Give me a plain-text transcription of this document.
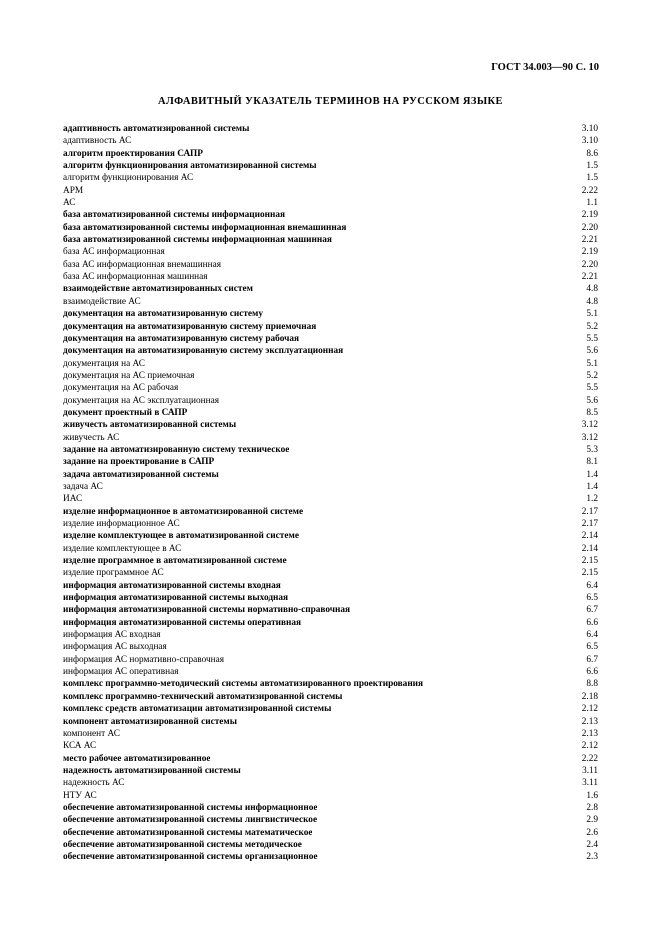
ГОСТ 34.003—90 С. 10
АЛФАВИТНЫЙ УКАЗАТЕЛЬ ТЕРМИНОВ НА РУССКОМ ЯЗЫКЕ
адаптивность автоматизированной системы	3.10
адаптивность АС	3.10
алгоритм проектирования САПР	8.6
алгоритм функционирования автоматизированной системы	1.5
алгоритм функционирования АС	1.5
АРМ	2.22
АС	1.1
база автоматизированной системы информационная	2.19
база автоматизированной системы информационная внемашинная	2.20
база автоматизированной системы информационная машинная	2.21
база АС информационная	2.19
база АС информационная внемашинная	2.20
база АС информационная машинная	2.21
взаимодействие автоматизированных систем	4.8
взаимодействие АС	4.8
документация на автоматизированную систему	5.1
документация на автоматизированную систему приемочная	5.2
документация на автоматизированную систему рабочая	5.5
документация на автоматизированную систему эксплуатационная	5.6
документация на АС	5.1
документация на АС приемочная	5.2
документация на АС рабочая	5.5
документация на АС эксплуатационная	5.6
документ проектный в САПР	8.5
живучесть автоматизированной системы	3.12
живучесть АС	3.12
задание на автоматизированную систему техническое	5.3
задание на проектирование в САПР	8.1
задача автоматизированной системы	1.4
задача АС	1.4
ИАС	1.2
изделие информационное в автоматизированной системе	2.17
изделие информационное АС	2.17
изделие комплектующее в автоматизированной системе	2.14
изделие комплектующее в АС	2.14
изделие программное в автоматизированной системе	2.15
изделие программное АС	2.15
информация автоматизированной системы входная	6.4
информация автоматизированной системы выходная	6.5
информация автоматизированной системы нормативно-справочная	6.7
информация автоматизированной системы оперативная	6.6
информация АС входная	6.4
информация АС выходная	6.5
информация АС нормативно-справочная	6.7
информация АС оперативная	6.6
комплекс программно-методический системы автоматизированного проектирования	8.8
комплекс программно-технический автоматизированной системы	2.18
комплекс средств автоматизации автоматизированной системы	2.12
компонент автоматизированной системы	2.13
компонент АС	2.13
КСА АС	2.12
место рабочее автоматизированное	2.22
надежность автоматизированной системы	3.11
надежность АС	3.11
НТУ АС	1.6
обеспечение автоматизированной системы информационное	2.8
обеспечение автоматизированной системы лингвистическое	2.9
обеспечение автоматизированной системы математическое	2.6
обеспечение автоматизированной системы методическое	2.4
обеспечение автоматизированной системы организационное	2.3
